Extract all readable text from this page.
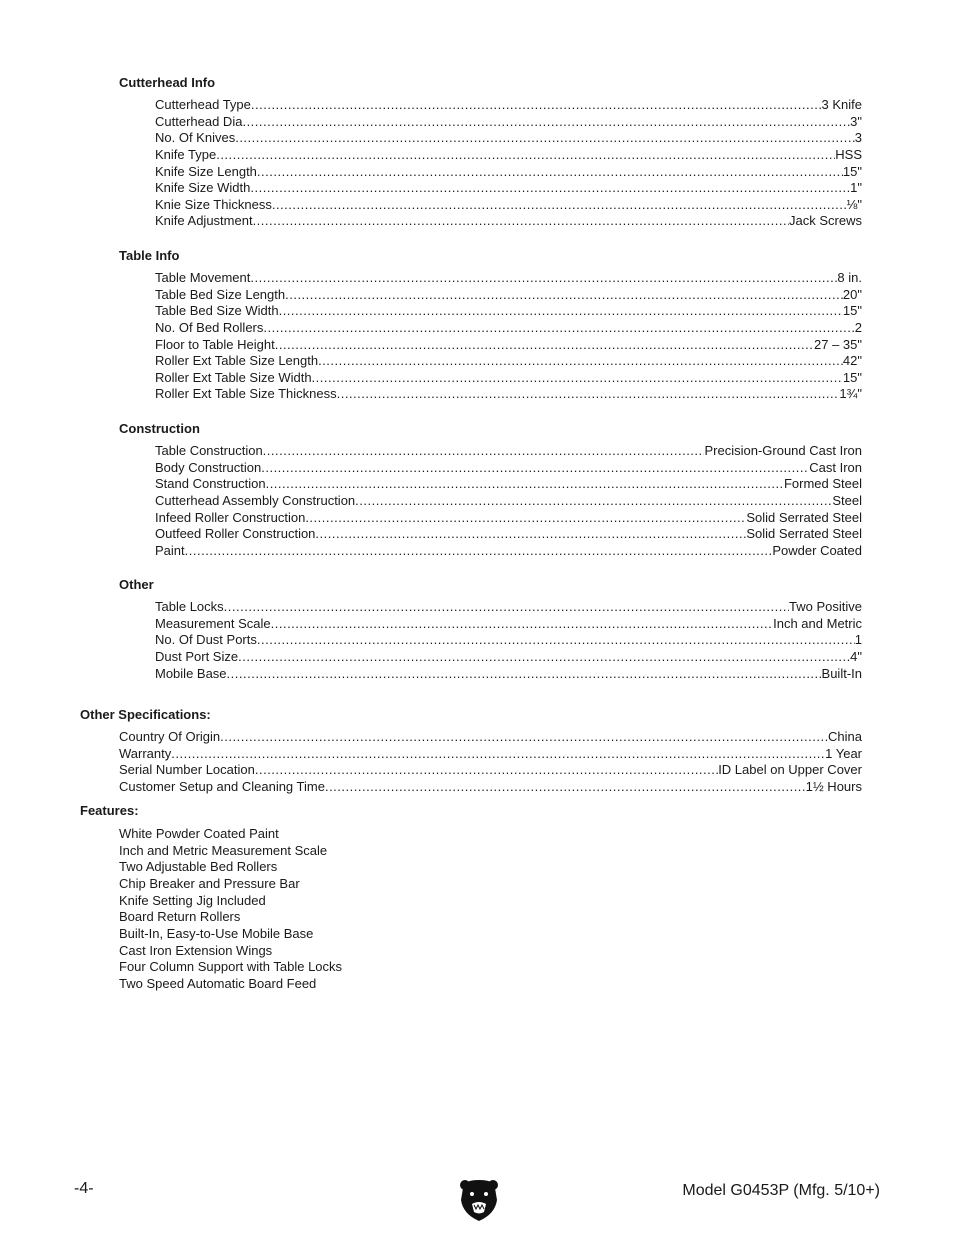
Cutterhead Info
Cutterhead Type .....	3 Knife
Cutterhead Dia .....	3"
No. Of Knives .....	3
Knife Type .....	HSS
Knife Size Length .....	15"
Knife Size Width .....	1"
Knie Size Thickness .....	⅛"
Knife Adjustment .....	Jack Screws
Table Info
Table Movement .....	8 in.
Table Bed Size Length .....	20"
Table Bed Size Width .....	15"
No. Of Bed Rollers .....	2
Floor to Table Height .....	27 – 35"
Roller Ext Table Size Length .....	42"
Roller Ext Table Size Width .....	15"
Roller Ext Table Size Thickness .....	1¾"
Construction
Table Construction .....	Precision-Ground Cast Iron
Body Construction .....	Cast Iron
Stand Construction .....	Formed Steel
Cutterhead Assembly Construction .....	Steel
Infeed Roller Construction .....	Solid Serrated Steel
Outfeed Roller Construction .....	Solid Serrated Steel
Paint .....	Powder Coated
Other
Table Locks .....	Two Positive
Measurement Scale .....	Inch and Metric
No. Of Dust Ports .....	1
Dust Port Size .....	4"
Mobile Base .....	Built-In
Other Specifications:
Country Of Origin .....	China
Warranty .....	1 Year
Serial Number Location .....	ID Label on Upper Cover
Customer Setup and Cleaning Time .....	1½ Hours
Features:
White Powder Coated Paint
Inch and Metric Measurement Scale
Two Adjustable Bed Rollers
Chip Breaker and Pressure Bar
Knife Setting Jig Included
Board Return Rollers
Built-In, Easy-to-Use Mobile Base
Cast Iron Extension Wings
Four Column Support with Table Locks
Two Speed Automatic Board Feed
-4-	Model G0453P (Mfg. 5/10+)
